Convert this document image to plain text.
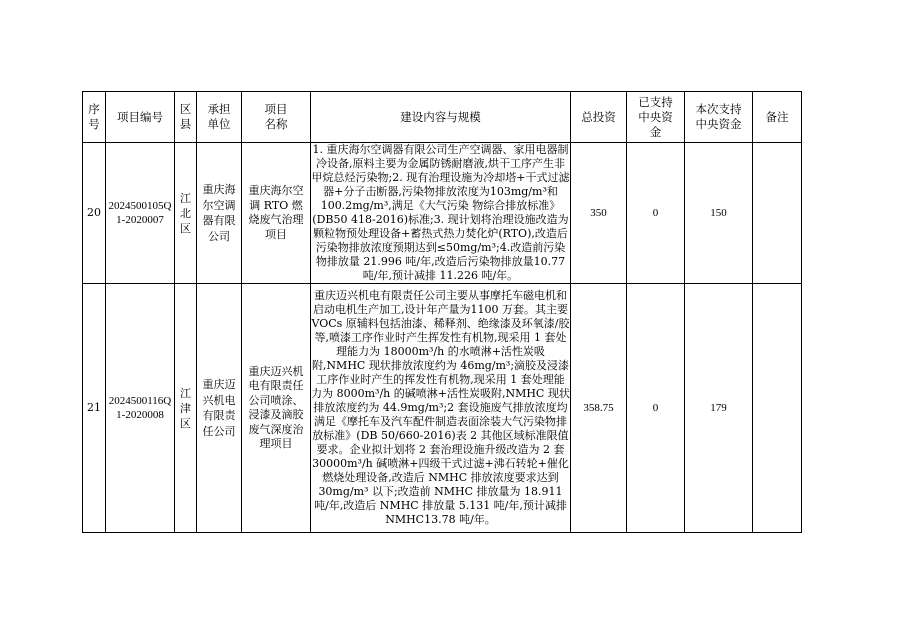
序号	项目编号	区县	承担单位	项目名称	建设内容与规模	总投资	已支持中央资金	本次支持中央资金	备注
20	2024500105Q1-2020007	江北区	重庆海尔空调器有限公司	重庆海尔空调 RTO 燃烧废气治理项目	1. 重庆海尔空调器有限公司生产空调器、家用电器制冷设备,原料主要为金属防锈耐磨液,烘干工序产生非甲烷总烃污染物;2. 现有治理设施为冷却塔+干式过滤器+分子击断器,污染物排放浓度为103mg/m³和 100.2mg/m³,满足《大气污染 物综合排放标准》(DB50 418-2016)标准;3. 现计划将治理设施改造为颗粒物预处理设备+蓄热式热力焚化炉(RTO),改造后污染物排放浓度预期达到≤50mg/m³;4.改造前污染物排放量 21.996 吨/年,改造后污染物排放量10.77 吨/年,预计减排 11.226 吨/年。	350	0	150	
21	2024500116Q1-2020008	江津区	重庆迈兴机电有限责任公司	重庆迈兴机电有限责任公司喷涂、浸漆及滴胶废气深度治理项目	重庆迈兴机电有限责任公司主要从事摩托车磁电机和启动电机生产加工,设计年产量为1100 万套。其主要 VOCs 原辅料包括油漆、稀释剂、绝缘漆及环氧漆/胶等,喷漆工序作业时产生挥发性有机物,现采用 1 套处理能力为 18000m³/h 的水喷淋+活性炭吸附,NMHC 现状排放浓度约为 46mg/m³;滴胶及浸漆工序作业时产生的挥发性有机物,现采用 1 套处理能力为 8000m³/h 的碱喷淋+活性炭吸附,NMHC 现状排放浓度约为 44.9mg/m³;2 套设施废气排放浓度均满足《摩托车及汽车配件制造表面涂装大气污染物排放标准》(DB 50/660-2016)表 2 其他区域标准限值要求。企业拟计划将 2 套治理设施升级改造为 2 套 30000m³/h 碱喷淋+四级干式过滤+沸石转轮+催化燃烧处理设备,改造后 NMHC 排放浓度要求达到 30mg/m³ 以下;改造前 NMHC 排放量为 18.911 吨/年,改造后 NMHC 排放量 5.131 吨/年,预计减排 NMHC13.78 吨/年。	358.75	0	179	
